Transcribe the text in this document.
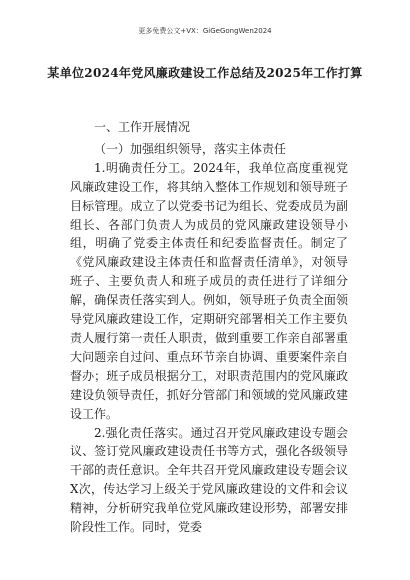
更多免费公文+VX：GiGeGongWen2024
某单位2024年党风廉政建设工作总结及2025年工作打算

一、工作开展情况

（一）加强组织领导，落实主体责任

1.明确责任分工。2024年，我单位高度重视党风廉政建设工作，将其纳入整体工作规划和领导班子目标管理。成立了以党委书记为组长、党委成员为副组长、各部门负责人为成员的党风廉政建设领导小组，明确了党委主体责任和纪委监督责任。制定了《党风廉政建设主体责任和监督责任清单》，对领导班子、主要负责人和班子成员的责任进行了详细分解，确保责任落实到人。例如，领导班子负责全面领导党风廉政建设工作，定期研究部署相关工作主要负责人履行第一责任人职责，做到重要工作亲自部署重大问题亲自过问、重点环节亲自协调、重要案件亲自督办；班子成员根据分工，对职责范围内的党风廉政建设负领导责任，抓好分管部门和领域的党风廉政建设工作。

2.强化责任落实。通过召开党风廉政建设专题会议、签订党风廉政建设责任书等方式，强化各级领导干部的责任意识。全年共召开党风廉政建设专题会议X次，传达学习上级关于党风廉政建设的文件和会议精神，分析研究我单位党风廉政建设形势，部署安排阶段性工作。同时，党委
